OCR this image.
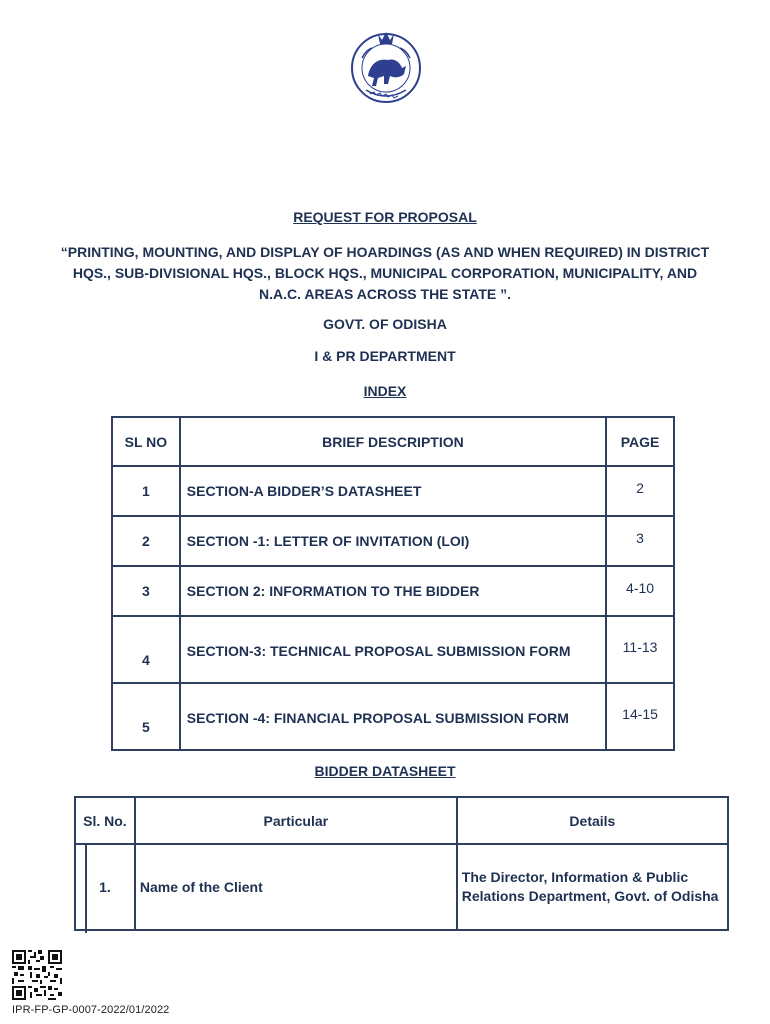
REQUEST FOR PROPOSAL
“PRINTING, MOUNTING, AND DISPLAY OF HOARDINGS (AS AND WHEN REQUIRED) IN DISTRICT HQS., SUB-DIVISIONAL HQS., BLOCK HQS., MUNICIPAL CORPORATION, MUNICIPALITY, AND N.A.C. AREAS ACROSS THE STATE ”.
GOVT. OF ODISHA
I & PR DEPARTMENT
INDEX
SL NO	BRIEF DESCRIPTION	PAGE
1	SECTION-A BIDDER’S DATASHEET	2
2	SECTION -1: LETTER OF INVITATION (LOI)	3
3	SECTION 2: INFORMATION TO THE BIDDER	4-10
4	SECTION-3: TECHNICAL PROPOSAL SUBMISSION FORM	11-13
5	SECTION -4: FINANCIAL PROPOSAL SUBMISSION FORM	14-15
BIDDER DATASHEET
Sl. No.	Particular	Details

1.	Name of the Client	The Director, Information & Public Relations Department, Govt. of Odisha
IPR-FP-GP-0007-2022/01/2022
